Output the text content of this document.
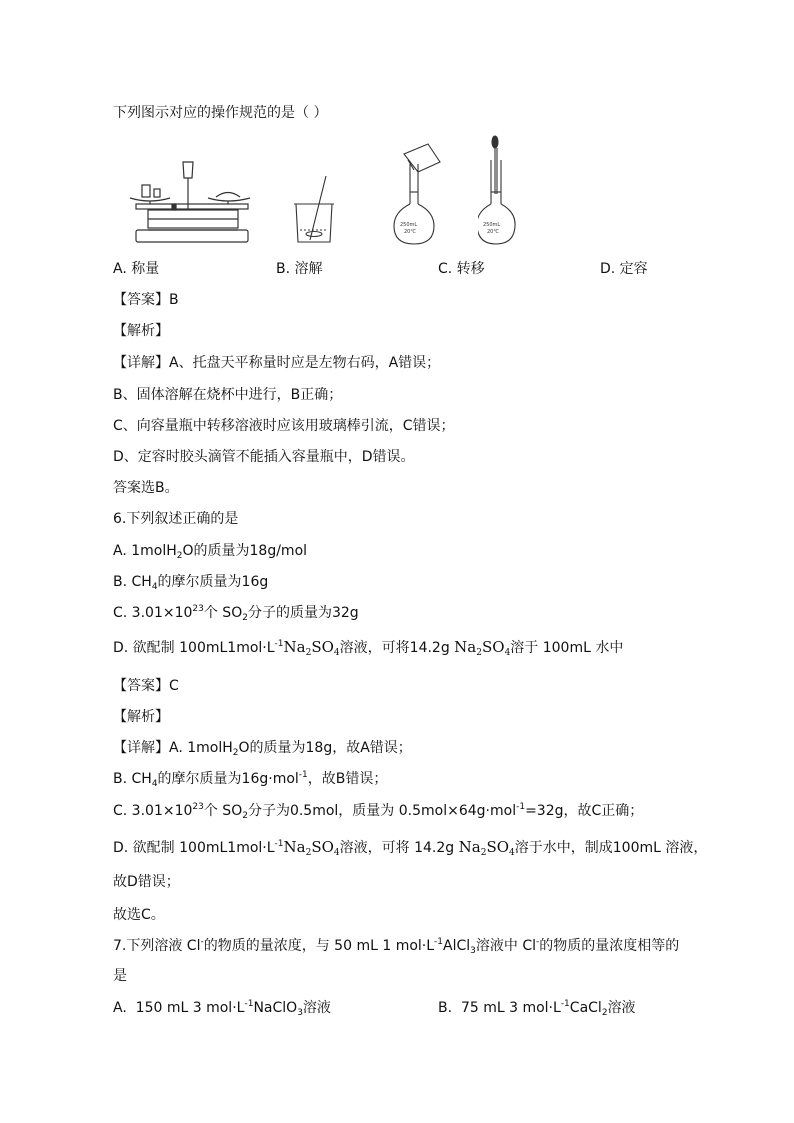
下列图示对应的操作规范的是（ ）
250mL
20℃
250mL
20℃
A. 称量	B. 溶解	C. 转移	D. 定容
【答案】B
【解析】
【详解】A、托盘天平称量时应是左物右码，A错误；
B、固体溶解在烧杯中进行，B正确；
C、向容量瓶中转移溶液时应该用玻璃棒引流，C错误；
D、定容时胶头滴管不能插入容量瓶中，D错误。
答案选B。
6.下列叙述正确的是
A. 1molH$_2$O的质量为18g/mol
B. $CH_4$的摩尔质量为16g
C. $3.01\times 10^{23}$个 $SO_2$分子的质量为32g
D. 欲配制 $100mL1mol\cdot L^{-1}Na_2SO_4$溶液，可将14.2g $Na_2SO_4$溶于 100mL 水中
【答案】C
【解析】
【详解】A. 1molH$_2$O的质量为18g，故A错误；
B. $CH_4$的摩尔质量为16g·mol$^{-1}$，故B错误；
C. $3.01\times 10^{23}$个 $SO_2$分子为0.5mol，质量为 0.5mol×64g·mol$^{-1}$=32g，故C正确；
D. 欲配制 $100mL1mol\cdot L^{-1}Na_2SO_4$溶液，可将 14.2g $Na_2SO_4$溶于水中，制成100mL 溶液，
故D错误；
故选C。
7.下列溶液 Cl-的物质的量浓度，与 50 mL 1 $mol\cdot L^{-1}AlCl_3$溶液中 Cl-的物质的量浓度相等的
是
A.  150 mL 3 $mol\cdot L^{-1}NaClO_3$溶液	B.  75 mL 3 $mol\cdot L^{-1}CaCl_2$溶液
